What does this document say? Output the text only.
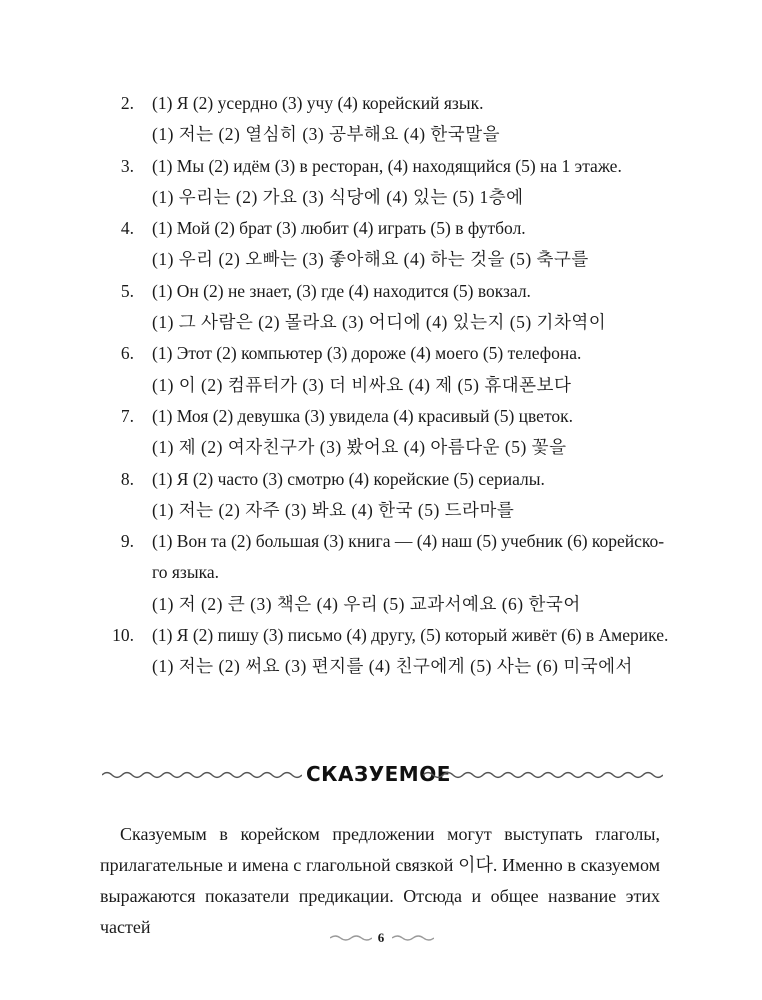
2. (1) Я (2) усердно (3) учу (4) корейский язык.
(1) 저는 (2) 열심히 (3) 공부해요 (4) 한국말을
3. (1) Мы (2) идём (3) в ресторан, (4) находящийся (5) на 1 этаже.
(1) 우리는 (2) 가요 (3) 식당에 (4) 있는 (5) 1층에
4. (1) Мой (2) брат (3) любит (4) играть (5) в футбол.
(1) 우리 (2) 오빠는 (3) 좋아해요 (4) 하는 것을 (5) 축구를
5. (1) Он (2) не знает, (3) где (4) находится (5) вокзал.
(1) 그 사람은 (2) 몰라요 (3) 어디에 (4) 있는지 (5) 기차역이
6. (1) Этот (2) компьютер (3) дороже (4) моего (5) телефона.
(1) 이 (2) 컴퓨터가 (3) 더 비싸요 (4) 제 (5) 휴대폰보다
7. (1) Моя (2) девушка (3) увидела (4) красивый (5) цветок.
(1) 제 (2) 여자친구가 (3) 봤어요 (4) 아름다운 (5) 꽃을
8. (1) Я (2) часто (3) смотрю (4) корейские (5) сериалы.
(1) 저는 (2) 자주 (3) 봐요 (4) 한국 (5) 드라마를
9. (1) Вон та (2) большая (3) книга — (4) наш (5) учебник (6) корейско-
го языка.
(1) 저 (2) 큰 (3) 책은 (4) 우리 (5) 교과서예요 (6) 한국어
10. (1) Я (2) пишу (3) письмо (4) другу, (5) который живёт (6) в Америке.
(1) 저는 (2) 써요 (3) 편지를 (4) 친구에게 (5) 사는 (6) 미국에서
СКАЗУЕМОЕ

Сказуемым в корейском предложении могут выступать глаголы, прилагательные и имена с глагольной связкой 이다. Именно в сказуемом выражаются показатели предикации. Отсюда и общее название этих частей

6
